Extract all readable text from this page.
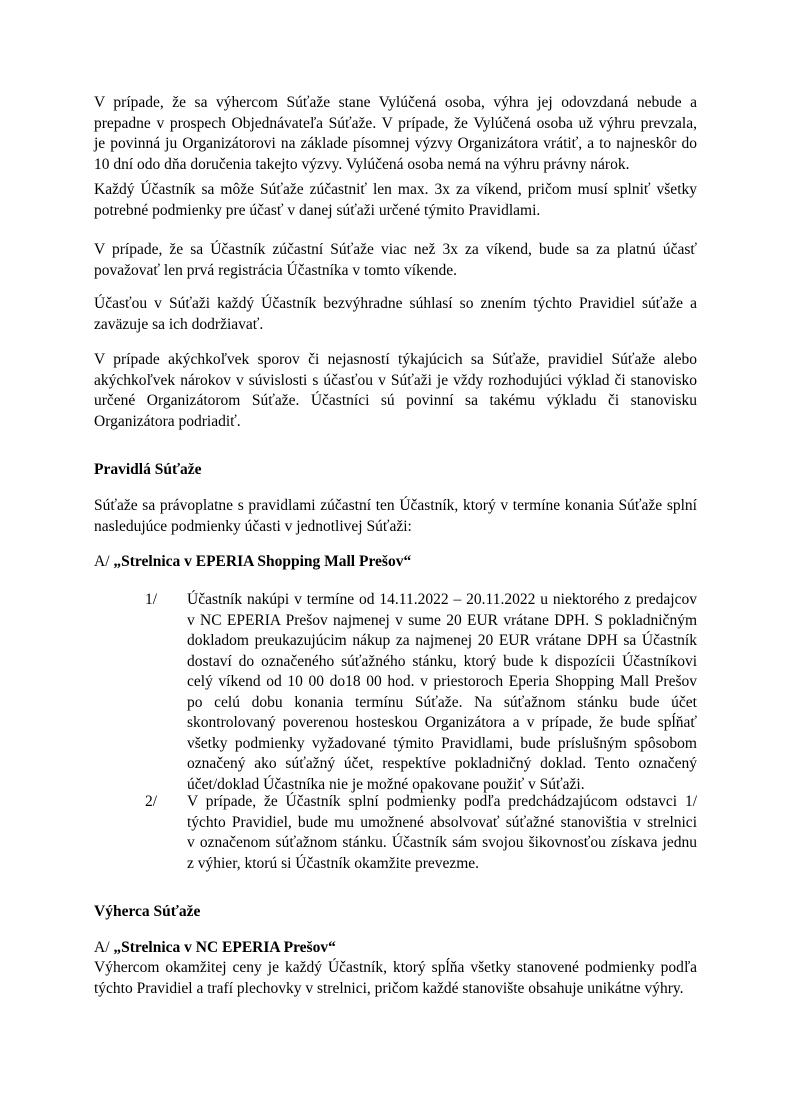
V prípade, že sa výhercom Súťaže stane Vylúčená osoba, výhra jej odovzdaná nebude a
prepadne v prospech Objednávateľa Súťaže. V prípade, že Vylúčená osoba už výhru prevzala,
je povinná ju Organizátorovi na základe písomnej výzvy Organizátora vrátiť, a to najneskôr do
10 dní odo dňa doručenia takejto výzvy. Vylúčená osoba nemá na výhru právny nárok.
Každý Účastník sa môže Súťaže zúčastniť len max. 3x za víkend, pričom musí splniť všetky
potrebné podmienky pre účasť v danej súťaži určené týmito Pravidlami.
V prípade, že sa Účastník zúčastní Súťaže viac než 3x za víkend, bude sa za platnú účasť
považovať len prvá registrácia Účastníka v tomto víkende.
Účasťou v Súťaži každý Účastník bezvýhradne súhlasí so znením týchto Pravidiel súťaže a
zaväzuje sa ich dodržiavať.
V prípade akýchkoľvek sporov či nejasností týkajúcich sa Súťaže, pravidiel Súťaže alebo
akýchkoľvek nárokov v súvislosti s účasťou v Súťaži je vždy rozhodujúci výklad či stanovisko
určené Organizátorom Súťaže. Účastníci sú povinní sa takému výkladu či stanovisku
Organizátora podriadiť.
Pravidlá Súťaže
Súťaže sa právoplatne s pravidlami zúčastní ten Účastník, ktorý v termíne konania Súťaže splní
nasledujúce podmienky účasti v jednotlivej Súťaži:
A/ „Strelnica v EPERIA Shopping Mall Prešov“
1/ Účastník nakúpi v termíne od 14.11.2022 – 20.11.2022 u niektorého z predajcov
v NC EPERIA Prešov najmenej v sume 20 EUR vrátane DPH. S pokladničným
dokladom preukazujúcim nákup za najmenej 20 EUR vrátane DPH sa Účastník
dostaví do označeného súťažného stánku, ktorý bude k dispozícii Účastníkovi
celý víkend od 10 00 do18 00 hod. v priestoroch Eperia Shopping Mall Prešov
po celú dobu konania termínu Súťaže. Na súťažnom stánku bude účet
skontrolovaný poverenou hosteskou Organizátora a v prípade, že bude spĺňať
všetky podmienky vyžadované týmito Pravidlami, bude príslušným spôsobom
označený ako súťažný účet, respektíve pokladničný doklad. Tento označený
účet/doklad Účastníka nie je možné opakovane použiť v Súťaži.
2/ V prípade, že Účastník splní podmienky podľa predchádzajúcom odstavci 1/
týchto Pravidiel, bude mu umožnené absolvovať súťažné stanovištia v strelnici
v označenom súťažnom stánku. Účastník sám svojou šikovnosťou získava jednu
z výhier, ktorú si Účastník okamžite prevezme.
Výherca Súťaže
A/ „Strelnica v NC EPERIA Prešov“
Výhercom okamžitej ceny je každý Účastník, ktorý spĺňa všetky stanovené podmienky podľa
týchto Pravidiel a trafí plechovky v strelnici, pričom každé stanovište obsahuje unikátne výhry.
